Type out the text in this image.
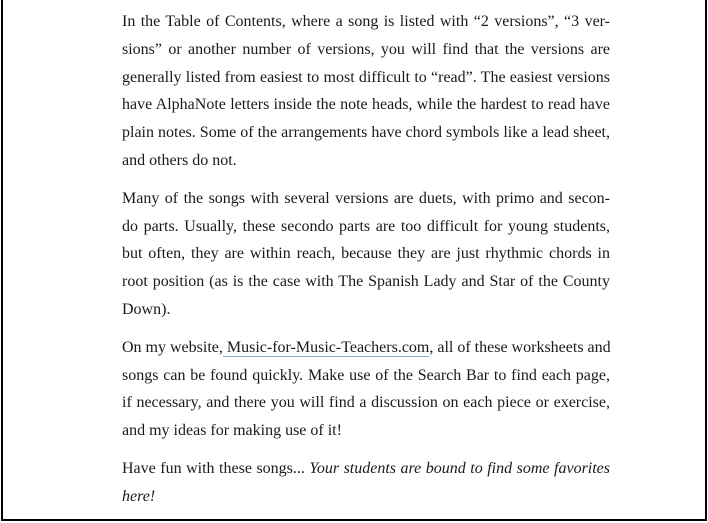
In the Table of Contents, where a song is listed with “2 versions”, “3 ver-
sions” or another number of versions, you will find that the versions are
generally listed from easiest to most difficult to “read”. The easiest versions
have AlphaNote letters inside the note heads, while the hardest to read have
plain notes. Some of the arrangements have chord symbols like a lead sheet,
and others do not.

Many of the songs with several versions are duets, with primo and secon-
do parts. Usually, these secondo parts are too difficult for young students,
but often, they are within reach, because they are just rhythmic chords in
root position (as is the case with The Spanish Lady and Star of the County
Down).

On my website, Music-for-Music-Teachers.com, all of these worksheets and
songs can be found quickly. Make use of the Search Bar to find each page,
if necessary, and there you will find a discussion on each piece or exercise,
and my ideas for making use of it!

Have fun with these songs... Your students are bound to find some favorites
here!
